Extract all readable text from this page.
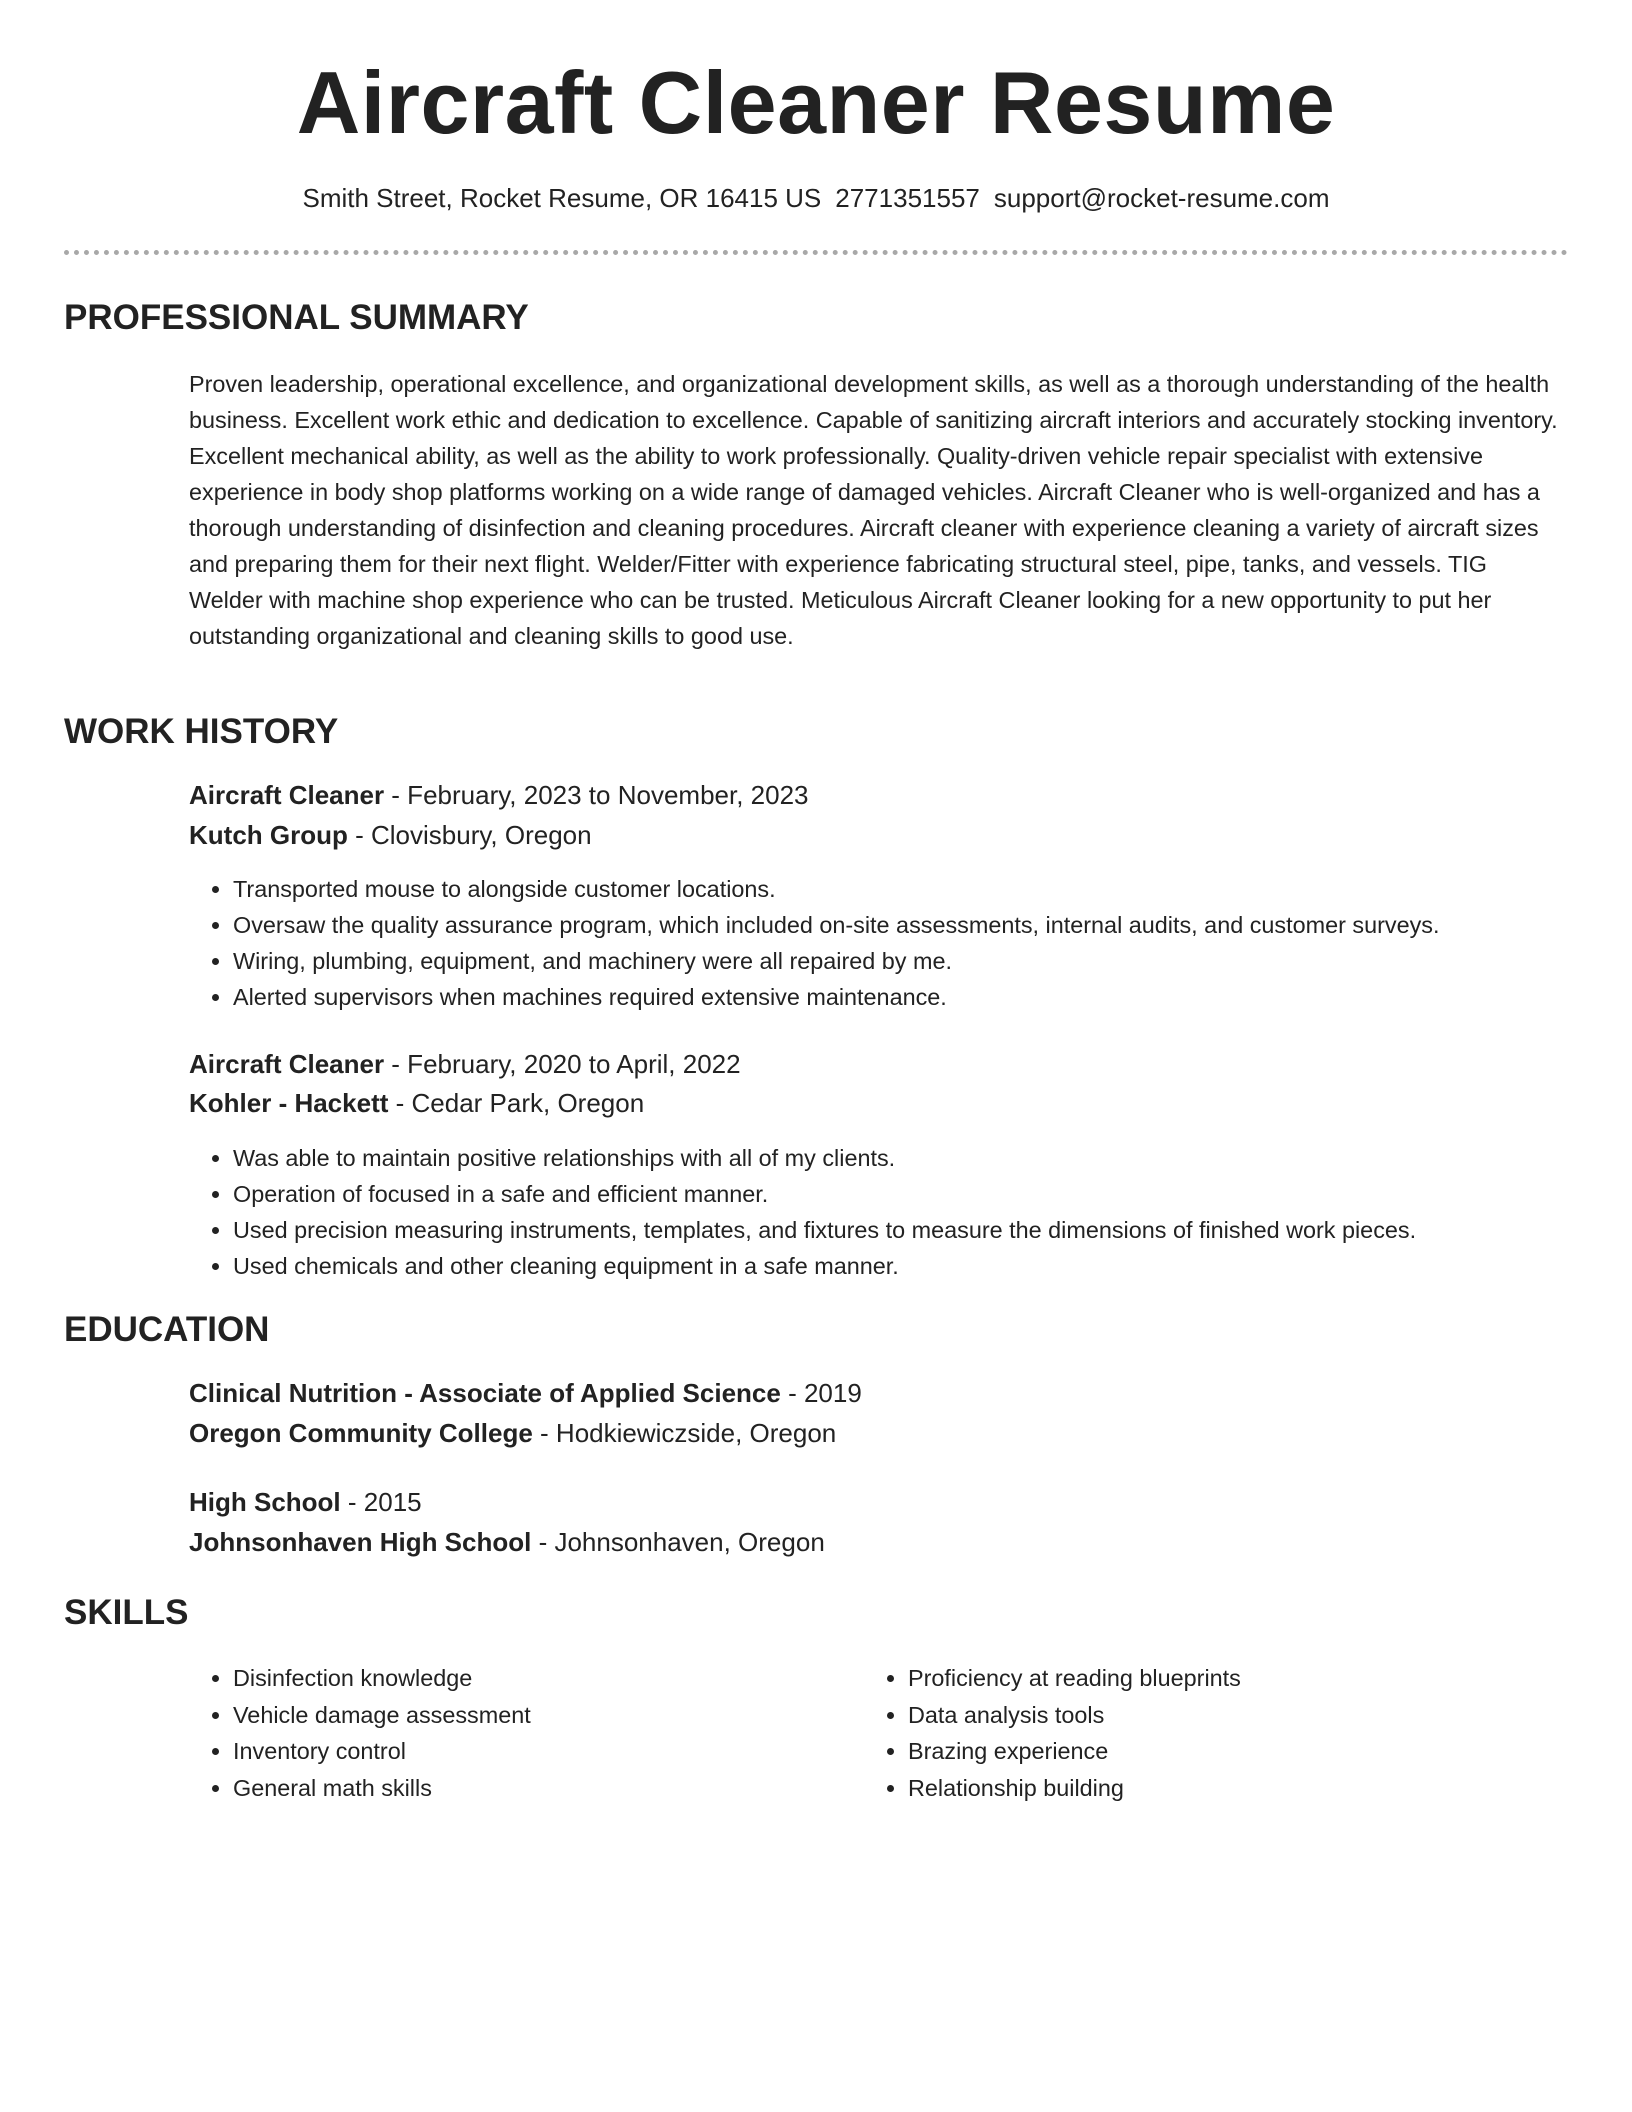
Aircraft Cleaner Resume
Smith Street, Rocket Resume, OR 16415 US 2771351557 support@rocket-resume.com
PROFESSIONAL SUMMARY

Proven leadership, operational excellence, and organizational development skills, as well as a thorough understanding of the health business. Excellent work ethic and dedication to excellence. Capable of sanitizing aircraft interiors and accurately stocking inventory. Excellent mechanical ability, as well as the ability to work professionally. Quality-driven vehicle repair specialist with extensive experience in body shop platforms working on a wide range of damaged vehicles. Aircraft Cleaner who is well-organized and has a thorough understanding of disinfection and cleaning procedures. Aircraft cleaner with experience cleaning a variety of aircraft sizes and preparing them for their next flight. Welder/Fitter with experience fabricating structural steel, pipe, tanks, and vessels. TIG Welder with machine shop experience who can be trusted. Meticulous Aircraft Cleaner looking for a new opportunity to put her outstanding organizational and cleaning skills to good use.

WORK HISTORY
Aircraft Cleaner - February, 2023 to November, 2023
Kutch Group - Clovisbury, Oregon
• Transported mouse to alongside customer locations.
• Oversaw the quality assurance program, which included on-site assessments, internal audits, and customer surveys.
• Wiring, plumbing, equipment, and machinery were all repaired by me.
• Alerted supervisors when machines required extensive maintenance.
Aircraft Cleaner - February, 2020 to April, 2022
Kohler - Hackett - Cedar Park, Oregon
• Was able to maintain positive relationships with all of my clients.
• Operation of focused in a safe and efficient manner.
• Used precision measuring instruments, templates, and fixtures to measure the dimensions of finished work pieces.
• Used chemicals and other cleaning equipment in a safe manner.
EDUCATION
Clinical Nutrition - Associate of Applied Science - 2019
Oregon Community College - Hodkiewiczside, Oregon
High School - 2015
Johnsonhaven High School - Johnsonhaven, Oregon
SKILLS
• Disinfection knowledge
• Vehicle damage assessment
• Inventory control
• General math skills
• Proficiency at reading blueprints
• Data analysis tools
• Brazing experience
• Relationship building
